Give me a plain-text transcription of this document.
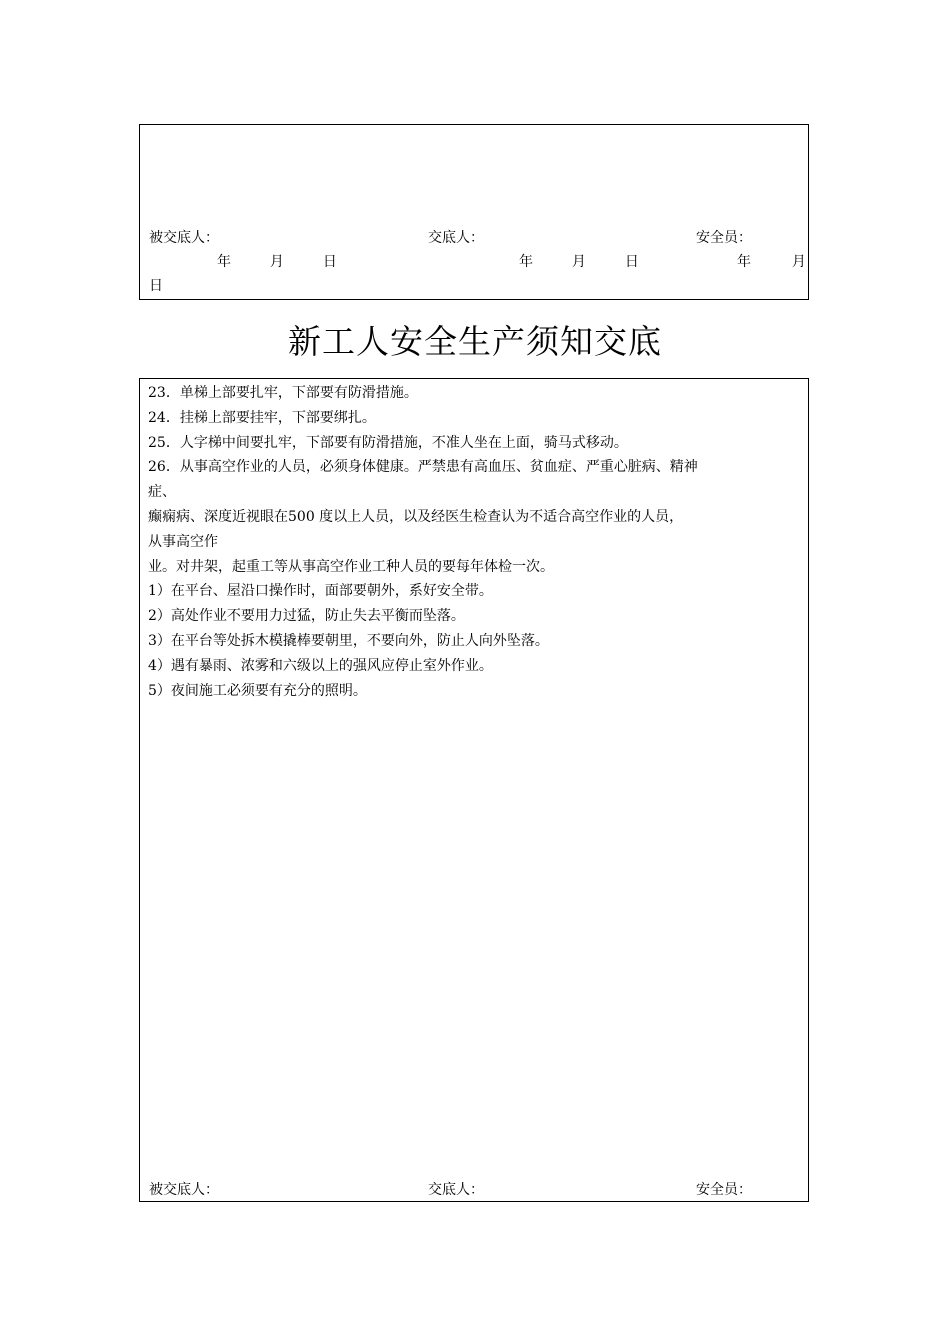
被交底人：	交底人：	安全员：
年	月	日	年	月	日	年	月
日
新工人安全生产须知交底
23．单梯上部要扎牢，下部要有防滑措施。
24．挂梯上部要挂牢，下部要绑扎。
25．人字梯中间要扎牢，下部要有防滑措施，不准人坐在上面，骑马式移动。
26．从事高空作业的人员，必须身体健康。严禁患有高血压、贫血症、严重心脏病、精神
症、
癫痫病、深度近视眼在500 度以上人员，以及经医生检查认为不适合高空作业的人员，
从事高空作
业。对井架，起重工等从事高空作业工种人员的要每年体检一次。
1）在平台、屋沿口操作时，面部要朝外，系好安全带。
2）高处作业不要用力过猛，防止失去平衡而坠落。
3）在平台等处拆木模撬棒要朝里，不要向外，防止人向外坠落。
4）遇有暴雨、浓雾和六级以上的强风应停止室外作业。
5）夜间施工必须要有充分的照明。
被交底人：	交底人：	安全员：
